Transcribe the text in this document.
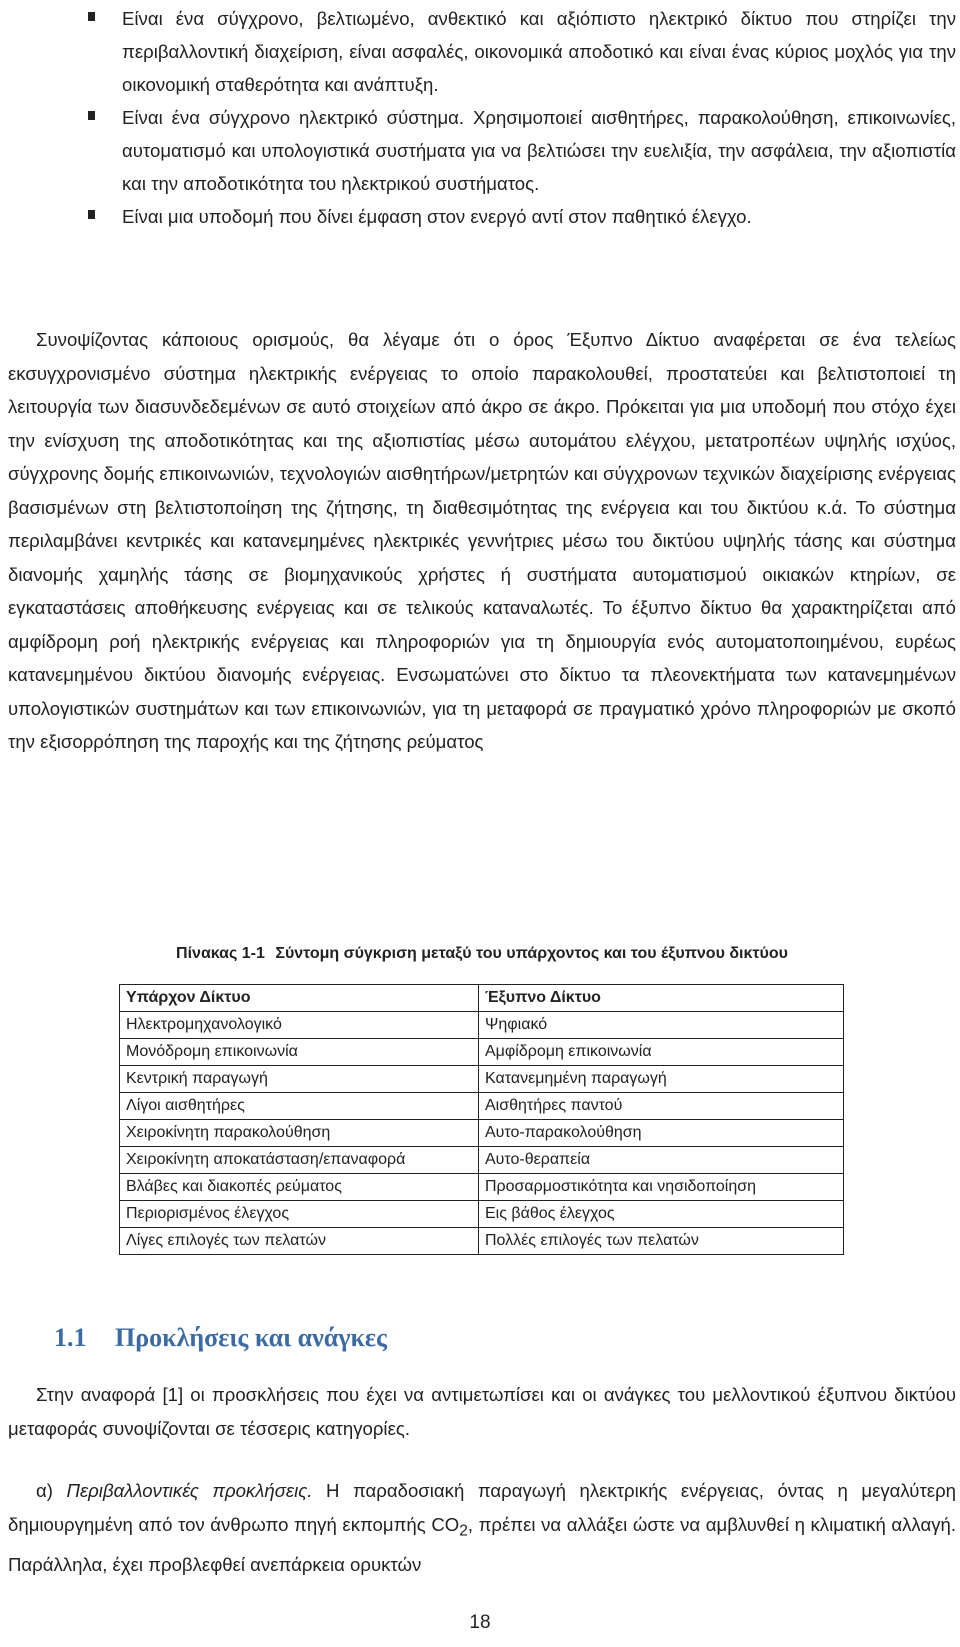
Είναι ένα σύγχρονο, βελτιωμένο, ανθεκτικό και αξιόπιστο ηλεκτρικό δίκτυο που στηρίζει την περιβαλλοντική διαχείριση, είναι ασφαλές, οικονομικά αποδοτικό και είναι ένας κύριος μοχλός για την οικονομική σταθερότητα και ανάπτυξη.
Είναι ένα σύγχρονο ηλεκτρικό σύστημα. Χρησιμοποιεί αισθητήρες, παρακολούθηση, επικοινωνίες, αυτοματισμό και υπολογιστικά συστήματα για να βελτιώσει την ευελιξία, την ασφάλεια, την αξιοπιστία και την αποδοτικότητα του ηλεκτρικού συστήματος.
Είναι μια υποδομή που δίνει έμφαση στον ενεργό αντί στον παθητικό έλεγχο.

Συνοψίζοντας κάποιους ορισμούς, θα λέγαμε ότι ο όρος Έξυπνο Δίκτυο αναφέρεται σε ένα τελείως εκσυγχρονισμένο σύστημα ηλεκτρικής ενέργειας το οποίο παρακολουθεί, προστατεύει και βελτιστοποιεί τη λειτουργία των διασυνδεδεμένων σε αυτό στοιχείων από άκρο σε άκρο. Πρόκειται για μια υποδομή που στόχο έχει την ενίσχυση της αποδοτικότητας και της αξιοπιστίας μέσω αυτομάτου ελέγχου, μετατροπέων υψηλής ισχύος, σύγχρονης δομής επικοινωνιών, τεχνολογιών αισθητήρων/μετρητών και σύγχρονων τεχνικών διαχείρισης ενέργειας βασισμένων στη βελτιστοποίηση της ζήτησης, τη διαθεσιμότητας της ενέργεια και του δικτύου κ.ά. Το σύστημα περιλαμβάνει κεντρικές και κατανεμημένες ηλεκτρικές γεννήτριες μέσω του δικτύου υψηλής τάσης και σύστημα διανομής χαμηλής τάσης σε βιομηχανικούς χρήστες ή συστήματα αυτοματισμού οικιακών κτηρίων, σε εγκαταστάσεις αποθήκευσης ενέργειας και σε τελικούς καταναλωτές. Το έξυπνο δίκτυο θα χαρακτηρίζεται από αμφίδρομη ροή ηλεκτρικής ενέργειας και πληροφοριών για τη δημιουργία ενός αυτοματοποιημένου, ευρέως κατανεμημένου δικτύου διανομής ενέργειας. Ενσωματώνει στο δίκτυο τα πλεονεκτήματα των κατανεμημένων υπολογιστικών συστημάτων και των επικοινωνιών, για τη μεταφορά σε πραγματικό χρόνο πληροφοριών με σκοπό την εξισορρόπηση της παροχής και της ζήτησης ρεύματος

Πίνακας 1-1 Σύντομη σύγκριση μεταξύ του υπάρχοντος και του έξυπνου δικτύου
Υπάρχον Δίκτυο	Έξυπνο Δίκτυο
Ηλεκτρομηχανολογικό	Ψηφιακό
Μονόδρομη επικοινωνία	Αμφίδρομη επικοινωνία
Κεντρική παραγωγή	Κατανεμημένη παραγωγή
Λίγοι αισθητήρες	Αισθητήρες παντού
Χειροκίνητη παρακολούθηση	Αυτο-παρακολούθηση
Χειροκίνητη αποκατάσταση/επαναφορά	Αυτο-θεραπεία
Βλάβες και διακοπές ρεύματος	Προσαρμοστικότητα και νησιδοποίηση
Περιορισμένος έλεγχος	Εις βάθος έλεγχος
Λίγες επιλογές των πελατών	Πολλές επιλογές των πελατών
1.1 Προκλήσεις και ανάγκες

Στην αναφορά [1] οι προσκλήσεις που έχει να αντιμετωπίσει και οι ανάγκες του μελλοντικού έξυπνου δικτύου μεταφοράς συνοψίζονται σε τέσσερις κατηγορίες.

α) Περιβαλλοντικές προκλήσεις. Η παραδοσιακή παραγωγή ηλεκτρικής ενέργειας, όντας η μεγαλύτερη δημιουργημένη από τον άνθρωπο πηγή εκπομπής $CO_2$, πρέπει να αλλάξει ώστε να αμβλυνθεί η κλιματική αλλαγή. Παράλληλα, έχει προβλεφθεί ανεπάρκεια ορυκτών

18
